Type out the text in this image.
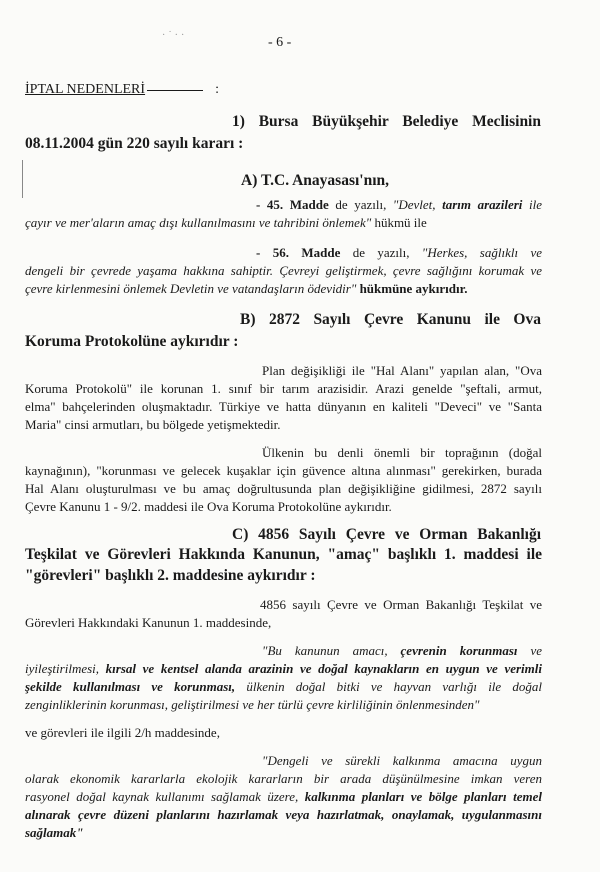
·˙··	- 6 -
İPTAL NEDENLERİ	:
1) Bursa Büyükşehir Belediye Meclisinin
08.11.2004 gün 220 sayılı kararı :
A) T.C. Anayasası'nın,
- 45. Madde de yazılı, "Devlet, tarım arazileri ile
çayır ve mer'aların amaç dışı kullanılmasını ve tahribini önlemek" hükmü ile
- 56. Madde de yazılı, "Herkes, sağlıklı ve
dengeli bir çevrede yaşama hakkına sahiptir. Çevreyi geliştirmek, çevre sağlığını korumak ve
çevre kirlenmesini önlemek Devletin ve vatandaşların ödevidir" hükmüne aykırıdır.
B) 2872 Sayılı Çevre Kanunu ile Ova
Koruma Protokolüne aykırıdır :
Plan değişikliği ile "Hal Alanı" yapılan alan, "Ova
Koruma Protokolü" ile korunan 1. sınıf bir tarım arazisidir. Arazi genelde "şeftali, armut,
elma" bahçelerinden oluşmaktadır. Türkiye ve hatta dünyanın en kaliteli "Deveci" ve "Santa
Maria" cinsi armutları, bu bölgede yetişmektedir.
Ülkenin bu denli önemli bir toprağının (doğal
kaynağının), "korunması ve gelecek kuşaklar için güvence altına alınması" gerekirken, burada
Hal Alanı oluşturulması ve bu amaç doğrultusunda plan değişikliğine gidilmesi, 2872 sayılı
Çevre Kanunu 1 - 9/2. maddesi ile Ova Koruma Protokolüne aykırıdır.
C) 4856 Sayılı Çevre ve Orman Bakanlığı
Teşkilat ve Görevleri Hakkında Kanunun, "amaç" başlıklı 1. maddesi ile
"görevleri" başlıklı 2. maddesine aykırıdır :
4856 sayılı Çevre ve Orman Bakanlığı Teşkilat ve
Görevleri Hakkındaki Kanunun 1. maddesinde,
"Bu kanunun amacı, çevrenin korunması ve
iyileştirilmesi, kırsal ve kentsel alanda arazinin ve doğal kaynakların en uygun ve verimli
şekilde kullanılması ve korunması, ülkenin doğal bitki ve hayvan varlığı ile doğal
zenginliklerinin korunması, geliştirilmesi ve her türlü çevre kirliliğinin önlenmesinden"
ve görevleri ile ilgili 2/h maddesinde,
"Dengeli ve sürekli kalkınma amacına uygun
olarak ekonomik kararlarla ekolojik kararların bir arada düşünülmesine imkan veren
rasyonel doğal kaynak kullanımı sağlamak üzere, kalkınma planları ve bölge planları temel
alınarak çevre düzeni planlarını hazırlamak veya hazırlatmak, onaylamak, uygulanmasını
sağlamak"
